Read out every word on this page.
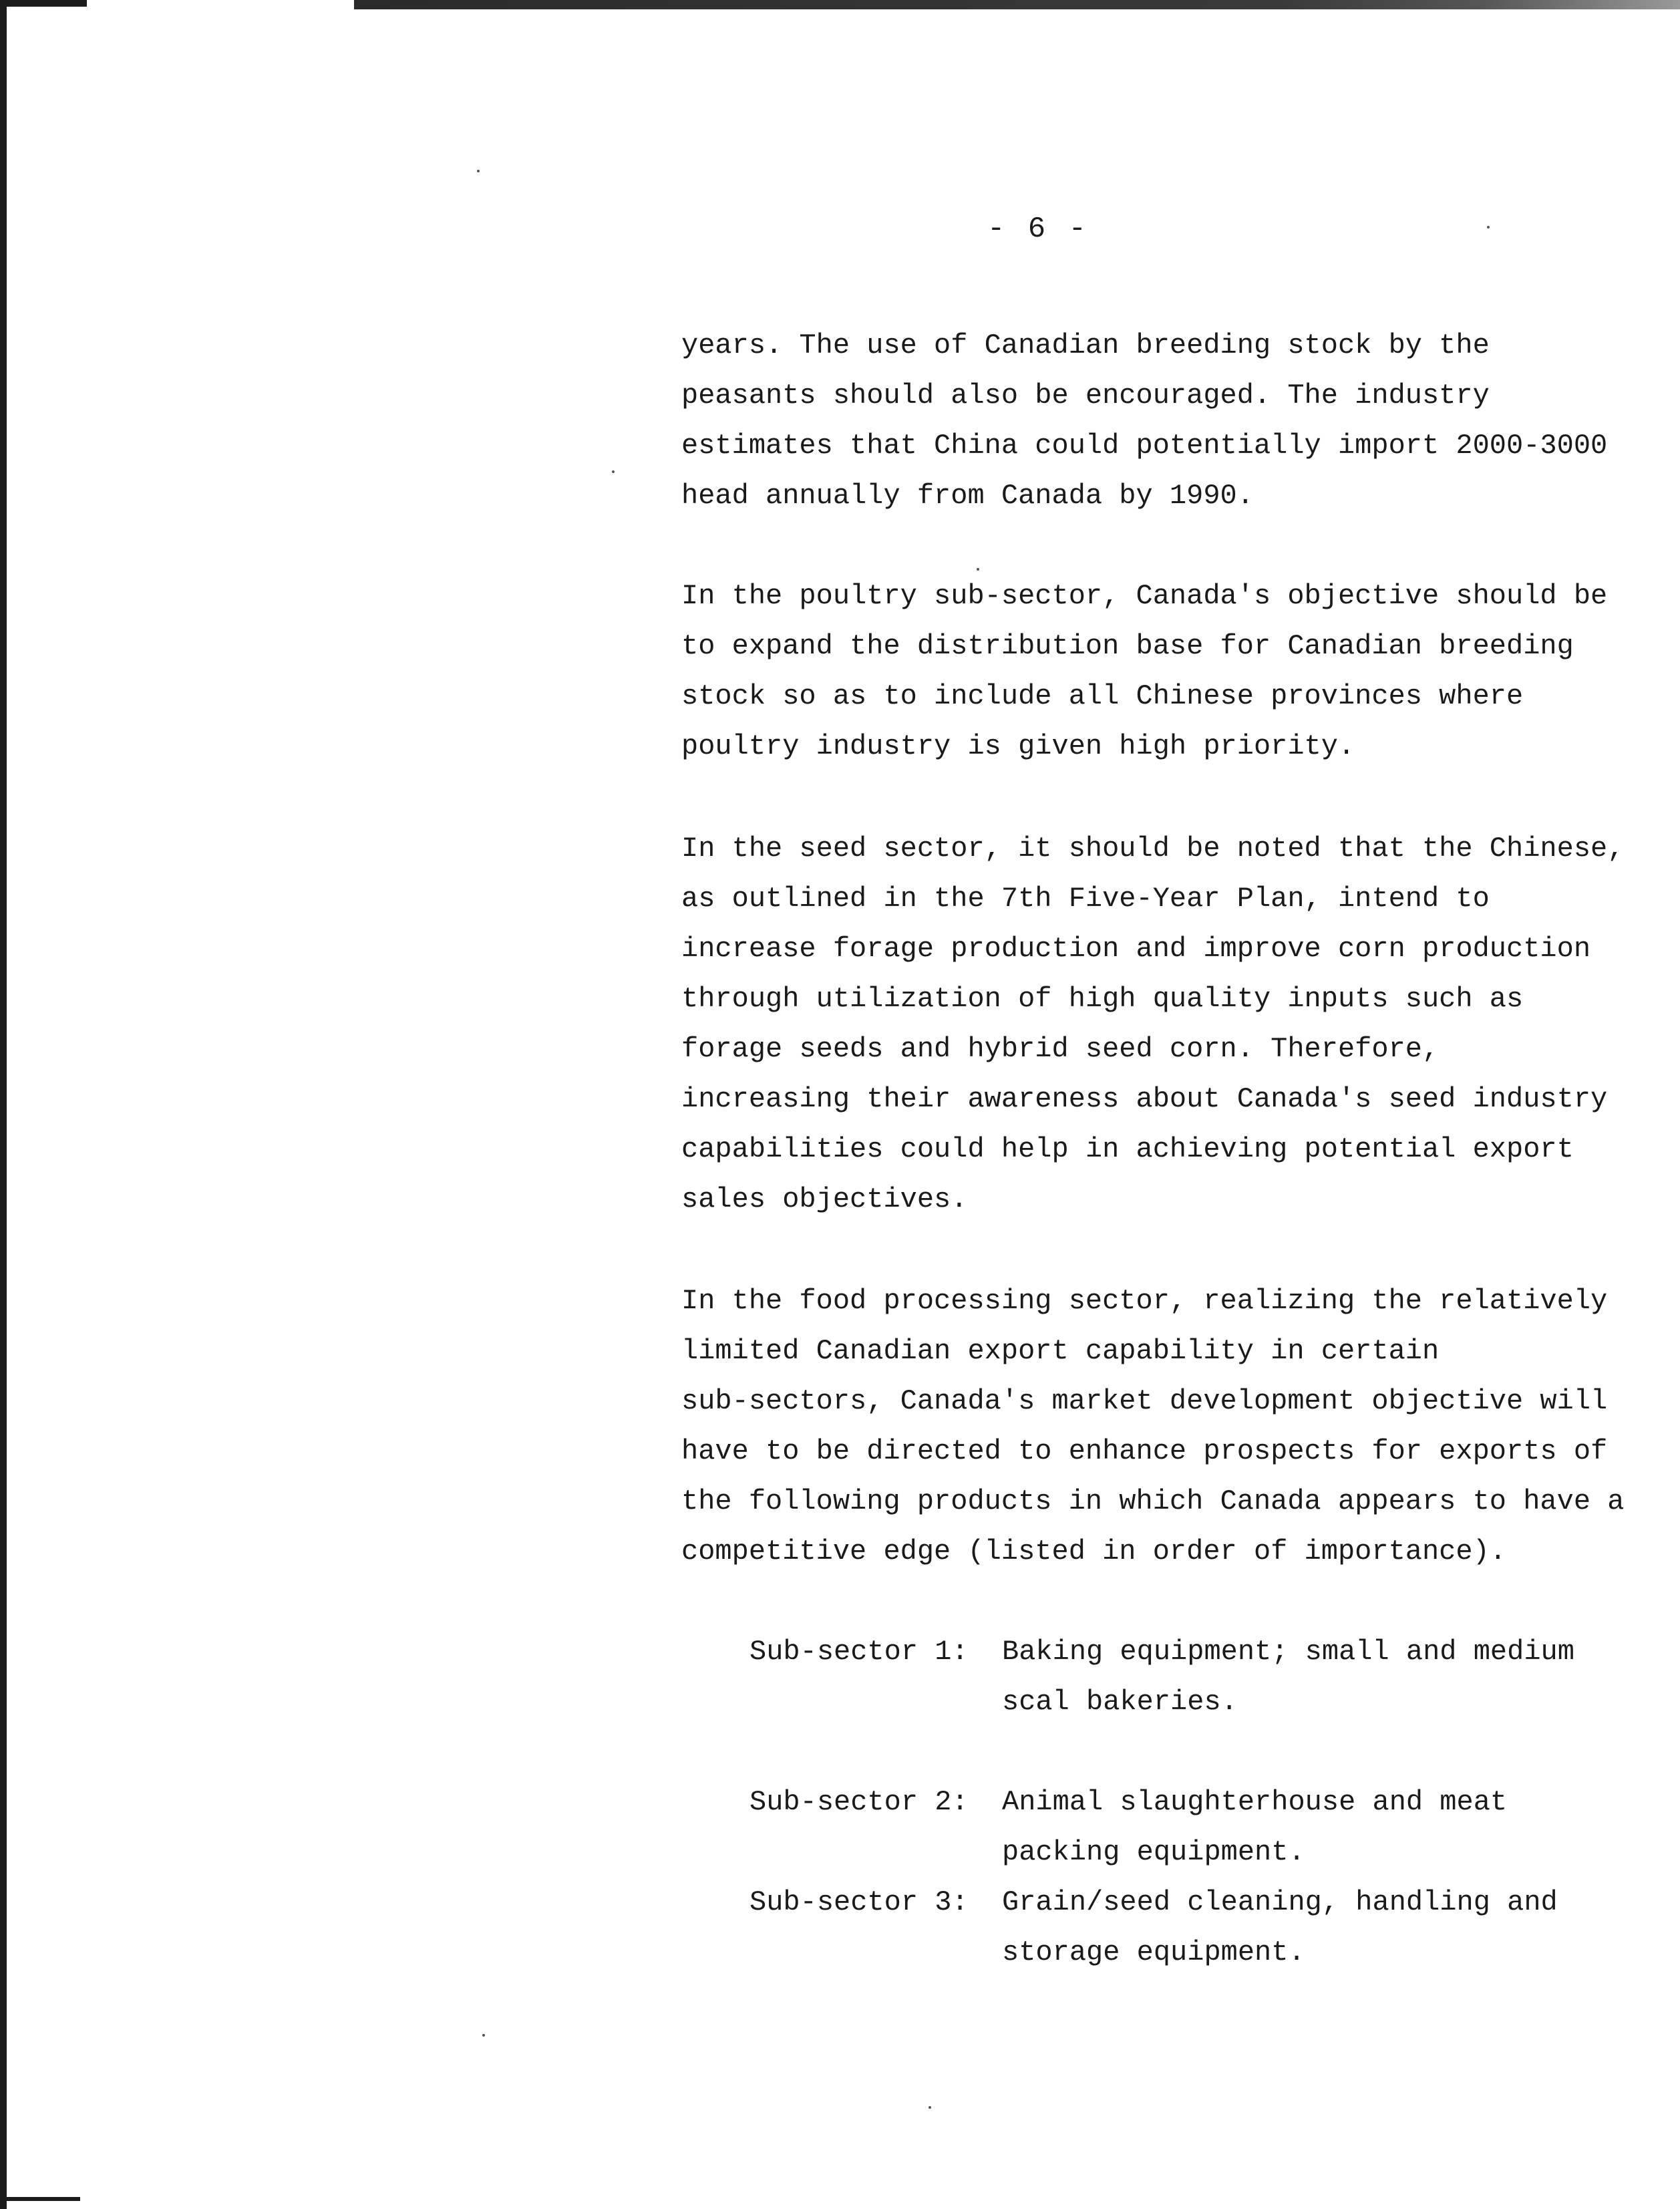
- 6 -

years. The use of Canadian breeding stock by the

peasants should also be encouraged. The industry

estimates that China could potentially import 2000-3000

head annually from Canada by 1990.

In the poultry sub-sector, Canada's objective should be

to expand the distribution base for Canadian breeding

stock so as to include all Chinese provinces where

poultry industry is given high priority.

In the seed sector, it should be noted that the Chinese,

as outlined in the 7th Five-Year Plan, intend to

increase forage production and improve corn production

through utilization of high quality inputs such as

forage seeds and hybrid seed corn. Therefore,

increasing their awareness about Canada's seed industry

capabilities could help in achieving potential export

sales objectives.

In the food processing sector, realizing the relatively

limited Canadian export capability in certain

sub-sectors, Canada's market development objective will

have to be directed to enhance prospects for exports of

the following products in which Canada appears to have a

competitive edge (listed in order of importance).

Sub-sector 1: Baking equipment; small and medium

scal bakeries.

Sub-sector 2: Animal slaughterhouse and meat

packing equipment.

Sub-sector 3: Grain/seed cleaning, handling and

storage equipment.
